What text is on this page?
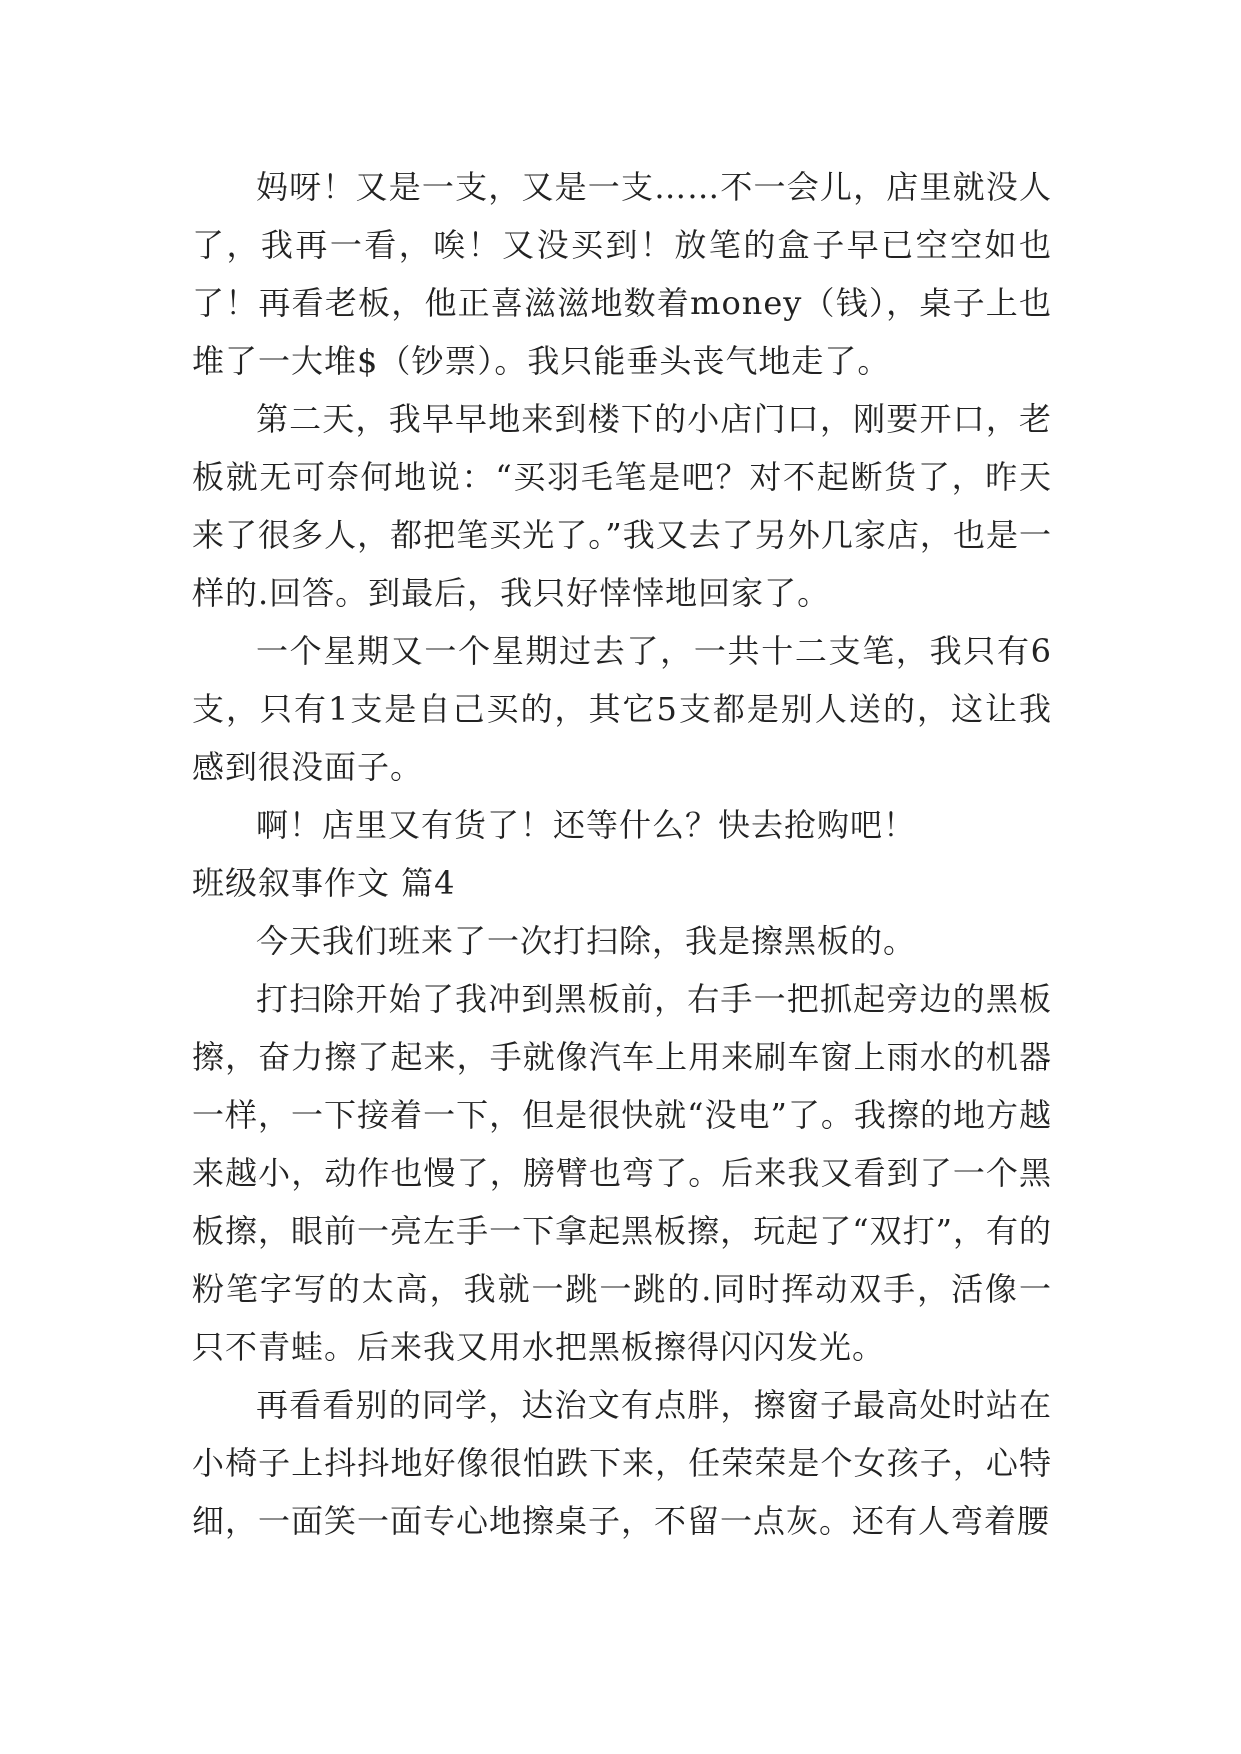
妈呀！又是一支，又是一支……不一会儿，店里就没人了，我再一看，唉！又没买到！放笔的盒子早已空空如也了！再看老板，他正喜滋滋地数着money（钱），桌子上也堆了一大堆$（钞票）。我只能垂头丧气地走了。

第二天，我早早地来到楼下的小店门口，刚要开口，老板就无可奈何地说：“买羽毛笔是吧？对不起断货了，昨天来了很多人，都把笔买光了。”我又去了另外几家店，也是一样的.回答。到最后，我只好悻悻地回家了。

一个星期又一个星期过去了，一共十二支笔，我只有6支，只有1支是自己买的，其它5支都是别人送的，这让我感到很没面子。

啊！店里又有货了！还等什么？快去抢购吧！

班级叙事作文 篇4

今天我们班来了一次打扫除，我是擦黑板的。

打扫除开始了我冲到黑板前，右手一把抓起旁边的黑板擦，奋力擦了起来，手就像汽车上用来刷车窗上雨水的机器一样，一下接着一下，但是很快就“没电”了。我擦的地方越来越小，动作也慢了，膀臂也弯了。后来我又看到了一个黑板擦，眼前一亮左手一下拿起黑板擦，玩起了“双打”，有的粉笔字写的太高，我就一跳一跳的.同时挥动双手，活像一只不青蛙。后来我又用水把黑板擦得闪闪发光。

再看看别的同学，达治文有点胖，擦窗子最高处时站在小椅子上抖抖地好像很怕跌下来，任荣荣是个女孩子，心特细，一面笑一面专心地擦桌子，不留一点灰。还有人弯着腰
